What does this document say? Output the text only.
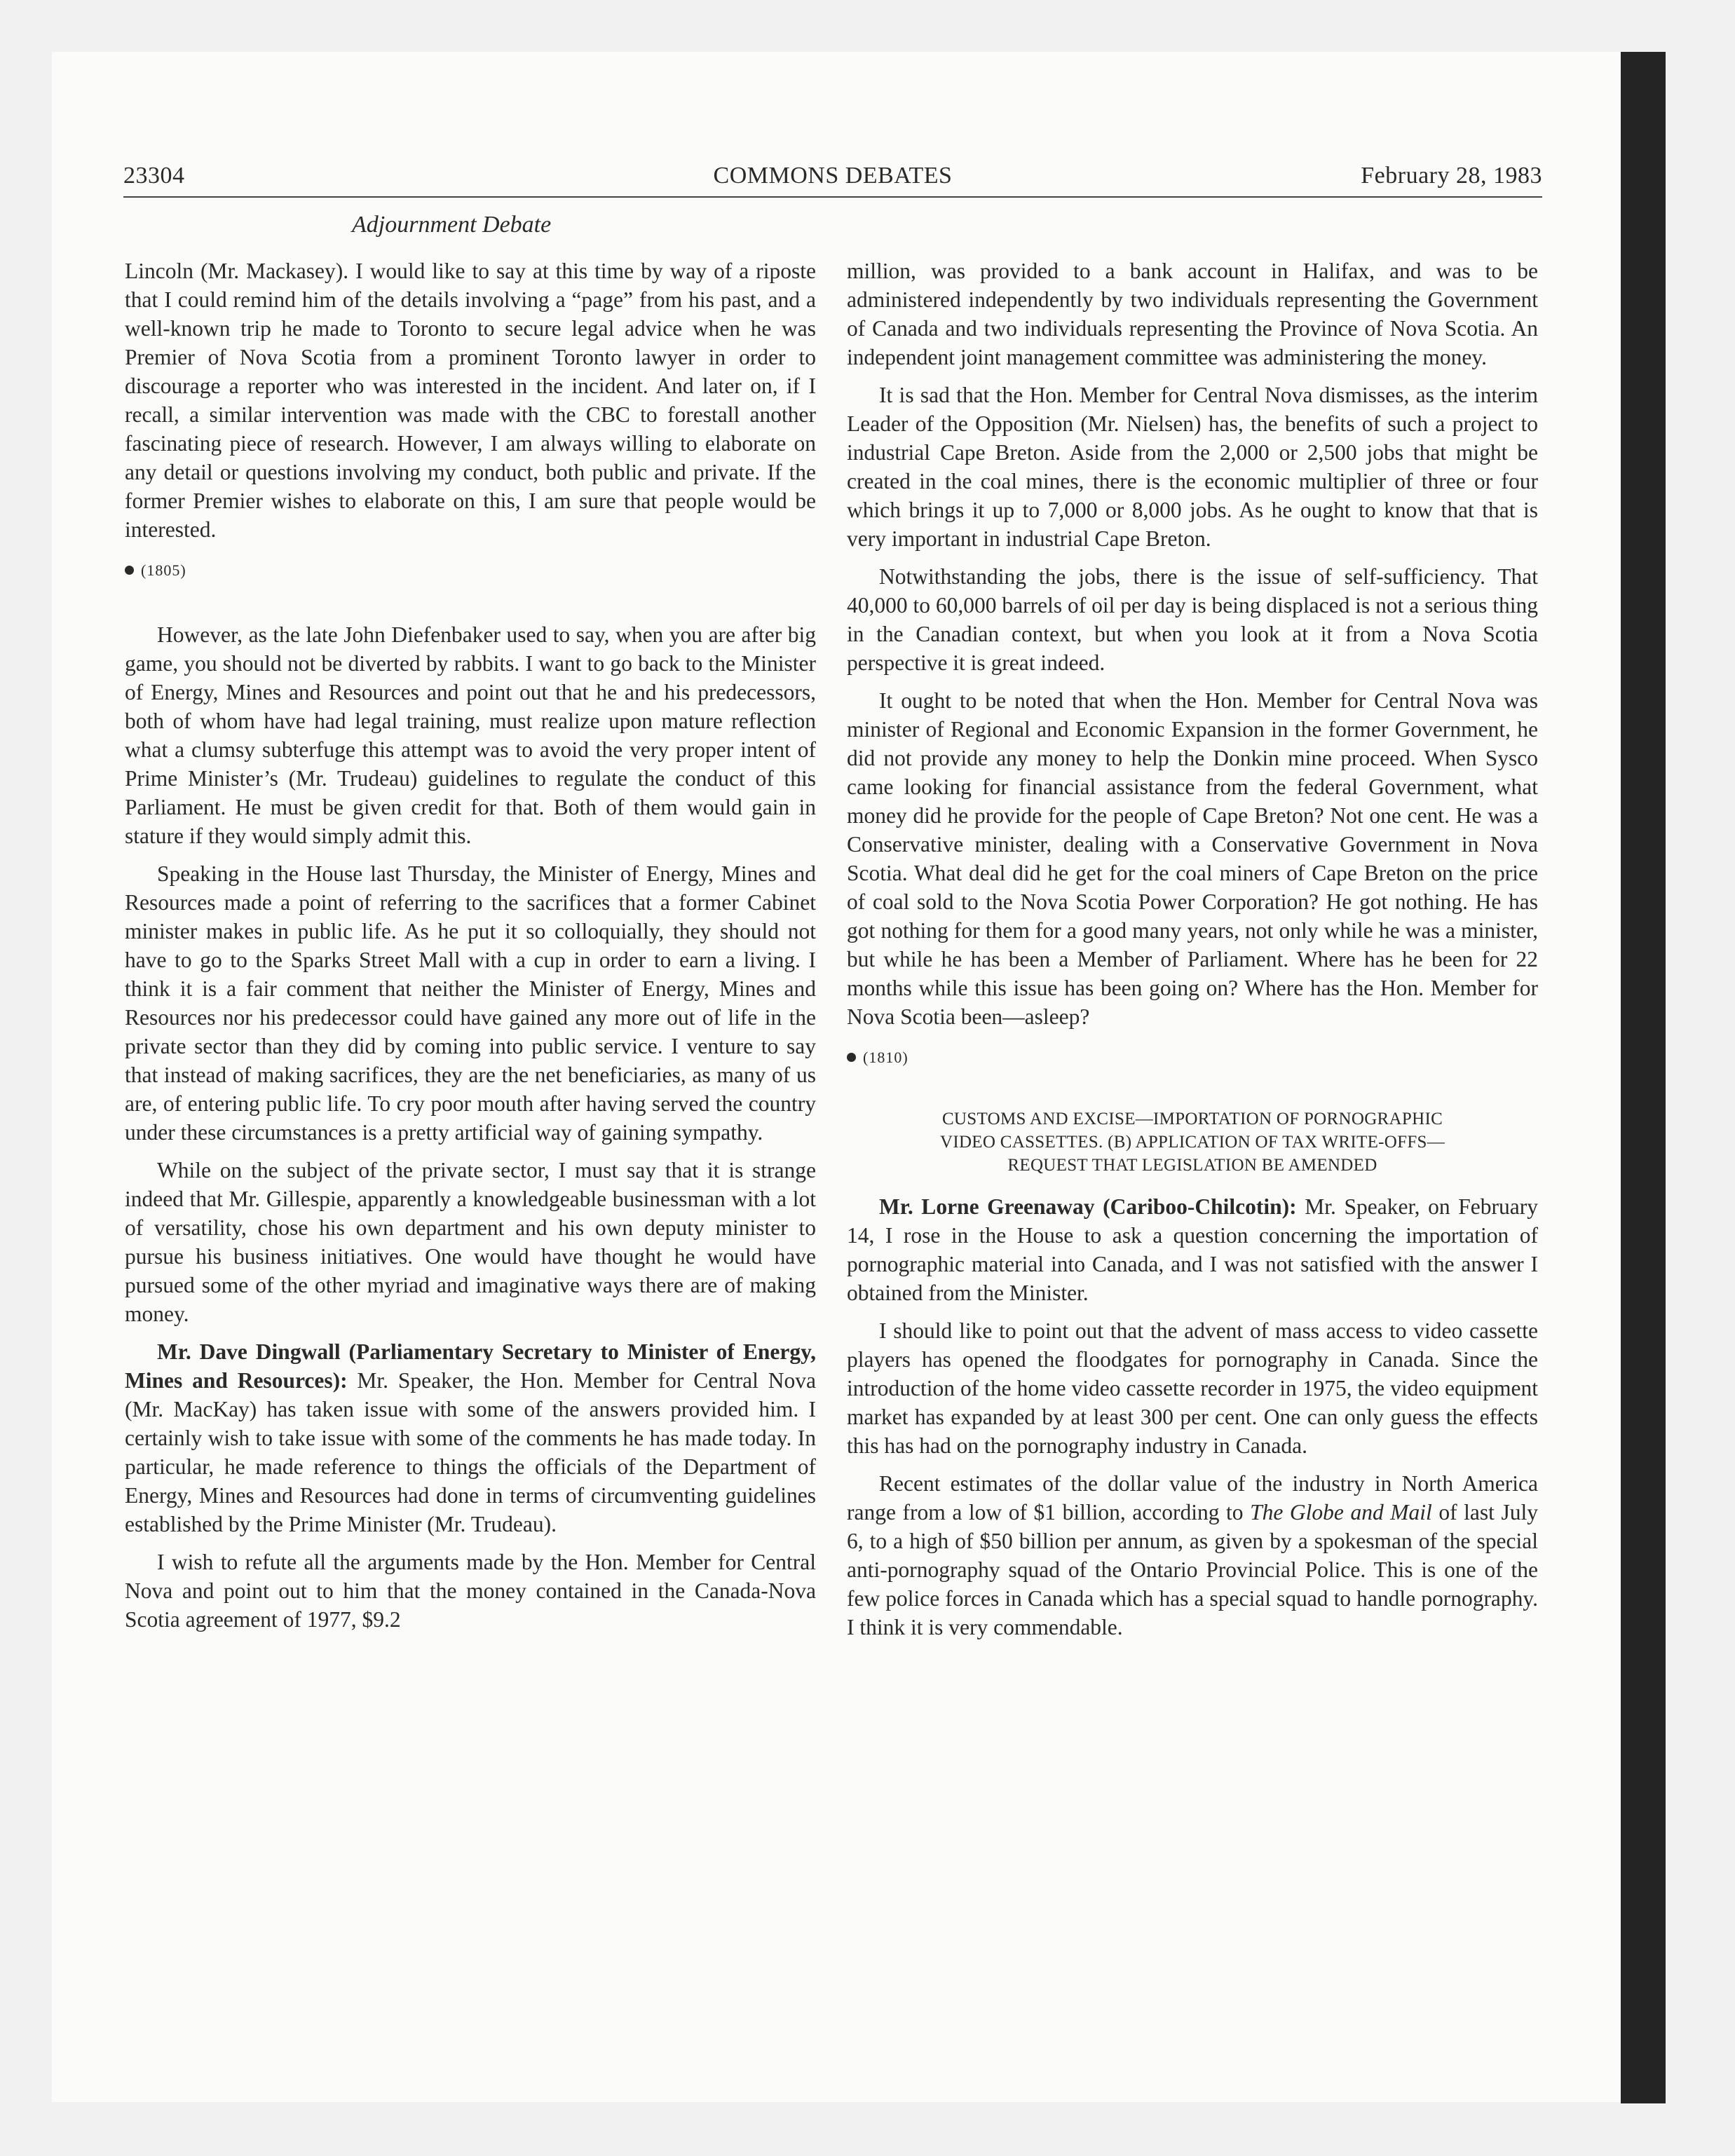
23304	COMMONS DEBATES	February 28, 1983
Adjournment Debate

Lincoln (Mr. Mackasey). I would like to say at this time by way of a riposte that I could remind him of the details involving a “page” from his past, and a well-known trip he made to Toronto to secure legal advice when he was Premier of Nova Scotia from a prominent Toronto lawyer in order to discourage a reporter who was interested in the incident. And later on, if I recall, a similar intervention was made with the CBC to forestall another fascinating piece of research. However, I am always willing to elaborate on any detail or questions involving my conduct, both public and private. If the former Premier wishes to elaborate on this, I am sure that people would be interested.

(1805)

However, as the late John Diefenbaker used to say, when you are after big game, you should not be diverted by rabbits. I want to go back to the Minister of Energy, Mines and Resources and point out that he and his predecessors, both of whom have had legal training, must realize upon mature reflection what a clumsy subterfuge this attempt was to avoid the very proper intent of Prime Minister’s (Mr. Trudeau) guidelines to regulate the conduct of this Parliament. He must be given credit for that. Both of them would gain in stature if they would simply admit this.

Speaking in the House last Thursday, the Minister of Energy, Mines and Resources made a point of referring to the sacrifices that a former Cabinet minister makes in public life. As he put it so colloquially, they should not have to go to the Sparks Street Mall with a cup in order to earn a living. I think it is a fair comment that neither the Minister of Energy, Mines and Resources nor his predecessor could have gained any more out of life in the private sector than they did by coming into public service. I venture to say that instead of making sacrifices, they are the net beneficiaries, as many of us are, of entering public life. To cry poor mouth after having served the country under these circumstances is a pretty artificial way of gaining sympathy.

While on the subject of the private sector, I must say that it is strange indeed that Mr. Gillespie, apparently a knowledgeable businessman with a lot of versatility, chose his own department and his own deputy minister to pursue his business initiatives. One would have thought he would have pursued some of the other myriad and imaginative ways there are of making money.

Mr. Dave Dingwall (Parliamentary Secretary to Minister of Energy, Mines and Resources): Mr. Speaker, the Hon. Member for Central Nova (Mr. MacKay) has taken issue with some of the answers provided him. I certainly wish to take issue with some of the comments he has made today. In particular, he made reference to things the officials of the Department of Energy, Mines and Resources had done in terms of circumventing guidelines established by the Prime Minister (Mr. Trudeau).

I wish to refute all the arguments made by the Hon. Member for Central Nova and point out to him that the money contained in the Canada-Nova Scotia agreement of 1977, $9.2

million, was provided to a bank account in Halifax, and was to be administered independently by two individuals representing the Government of Canada and two individuals representing the Province of Nova Scotia. An independent joint management committee was administering the money.

It is sad that the Hon. Member for Central Nova dismisses, as the interim Leader of the Opposition (Mr. Nielsen) has, the benefits of such a project to industrial Cape Breton. Aside from the 2,000 or 2,500 jobs that might be created in the coal mines, there is the economic multiplier of three or four which brings it up to 7,000 or 8,000 jobs. As he ought to know that that is very important in industrial Cape Breton.

Notwithstanding the jobs, there is the issue of self-sufficiency. That 40,000 to 60,000 barrels of oil per day is being displaced is not a serious thing in the Canadian context, but when you look at it from a Nova Scotia perspective it is great indeed.

It ought to be noted that when the Hon. Member for Central Nova was minister of Regional and Economic Expansion in the former Government, he did not provide any money to help the Donkin mine proceed. When Sysco came looking for financial assistance from the federal Government, what money did he provide for the people of Cape Breton? Not one cent. He was a Conservative minister, dealing with a Conservative Government in Nova Scotia. What deal did he get for the coal miners of Cape Breton on the price of coal sold to the Nova Scotia Power Corporation? He got nothing. He has got nothing for them for a good many years, not only while he was a minister, but while he has been a Member of Parliament. Where has he been for 22 months while this issue has been going on? Where has the Hon. Member for Nova Scotia been—asleep?

(1810)
CUSTOMS AND EXCISE—IMPORTATION OF PORNOGRAPHIC
VIDEO CASSETTES. (B) APPLICATION OF TAX WRITE-OFFS—
REQUEST THAT LEGISLATION BE AMENDED

Mr. Lorne Greenaway (Cariboo-Chilcotin): Mr. Speaker, on February 14, I rose in the House to ask a question concerning the importation of pornographic material into Canada, and I was not satisfied with the answer I obtained from the Minister.

I should like to point out that the advent of mass access to video cassette players has opened the floodgates for pornography in Canada. Since the introduction of the home video cassette recorder in 1975, the video equipment market has expanded by at least 300 per cent. One can only guess the effects this has had on the pornography industry in Canada.

Recent estimates of the dollar value of the industry in North America range from a low of $1 billion, according to The Globe and Mail of last July 6, to a high of $50 billion per annum, as given by a spokesman of the special anti-pornography squad of the Ontario Provincial Police. This is one of the few police forces in Canada which has a special squad to handle pornography. I think it is very commendable.
